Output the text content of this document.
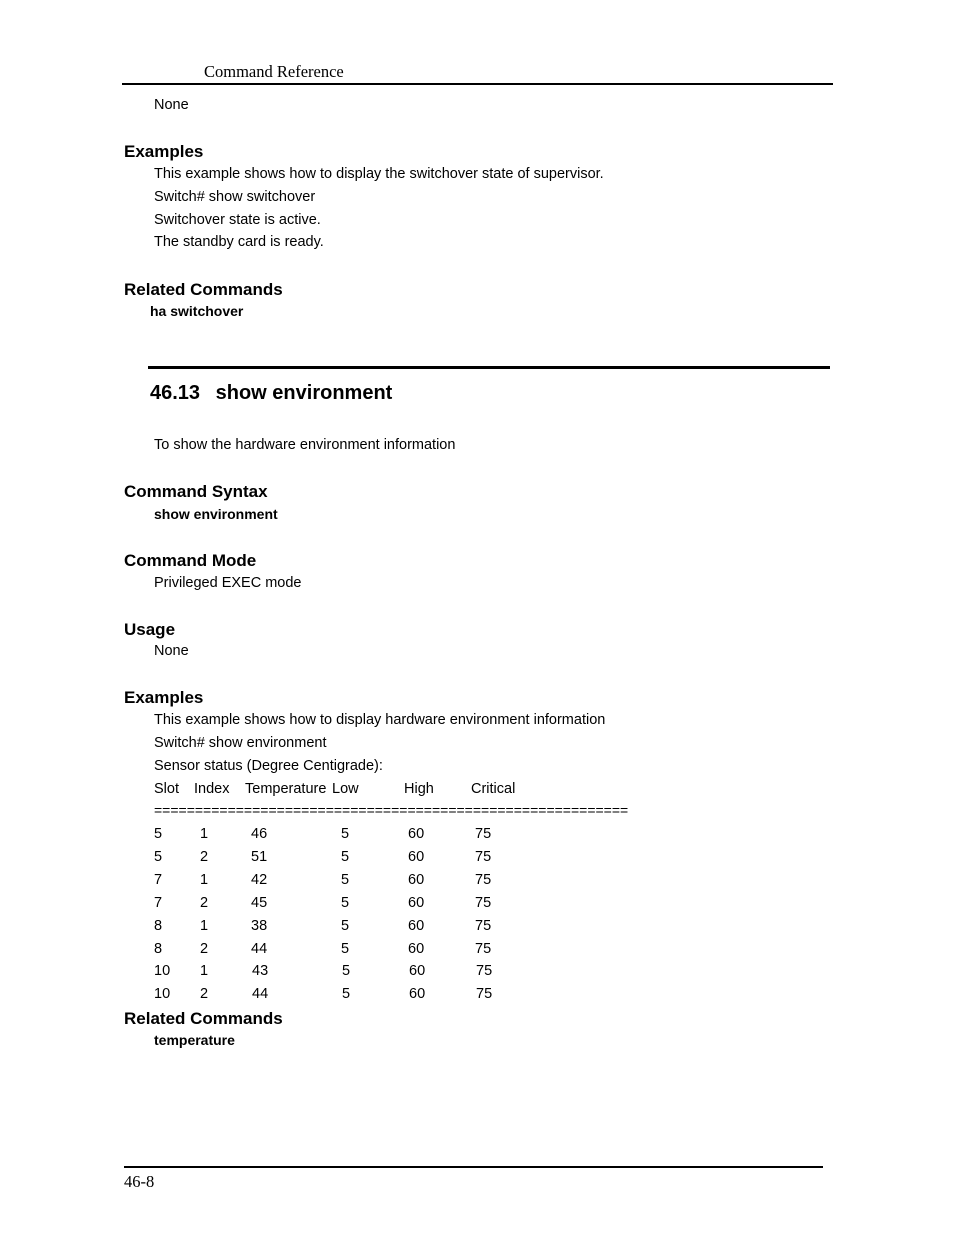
Command Reference
None
Examples
This example shows how to display the switchover state of supervisor.
Switch# show switchover
Switchover state is active.
The standby card is ready.
Related Commands
ha switchover
46.13 show environment
To show the hardware environment information
Command Syntax
show environment
Command Mode
Privileged EXEC mode
Usage
None
Examples
This example shows how to display hardware environment information
Switch# show environment
Sensor status (Degree Centigrade):
Slot Index Temperature Low	High	Critical
==========================================================
5	1	46	5	60	75
5	2	51	5	60	75
7	1	42	5	60	75
7	2	45	5	60	75
8	1	38	5	60	75
8	2	44	5	60	75
10 1	43	5	60	75
10 2	44	5	60	75
Related Commands
temperature
46-8
